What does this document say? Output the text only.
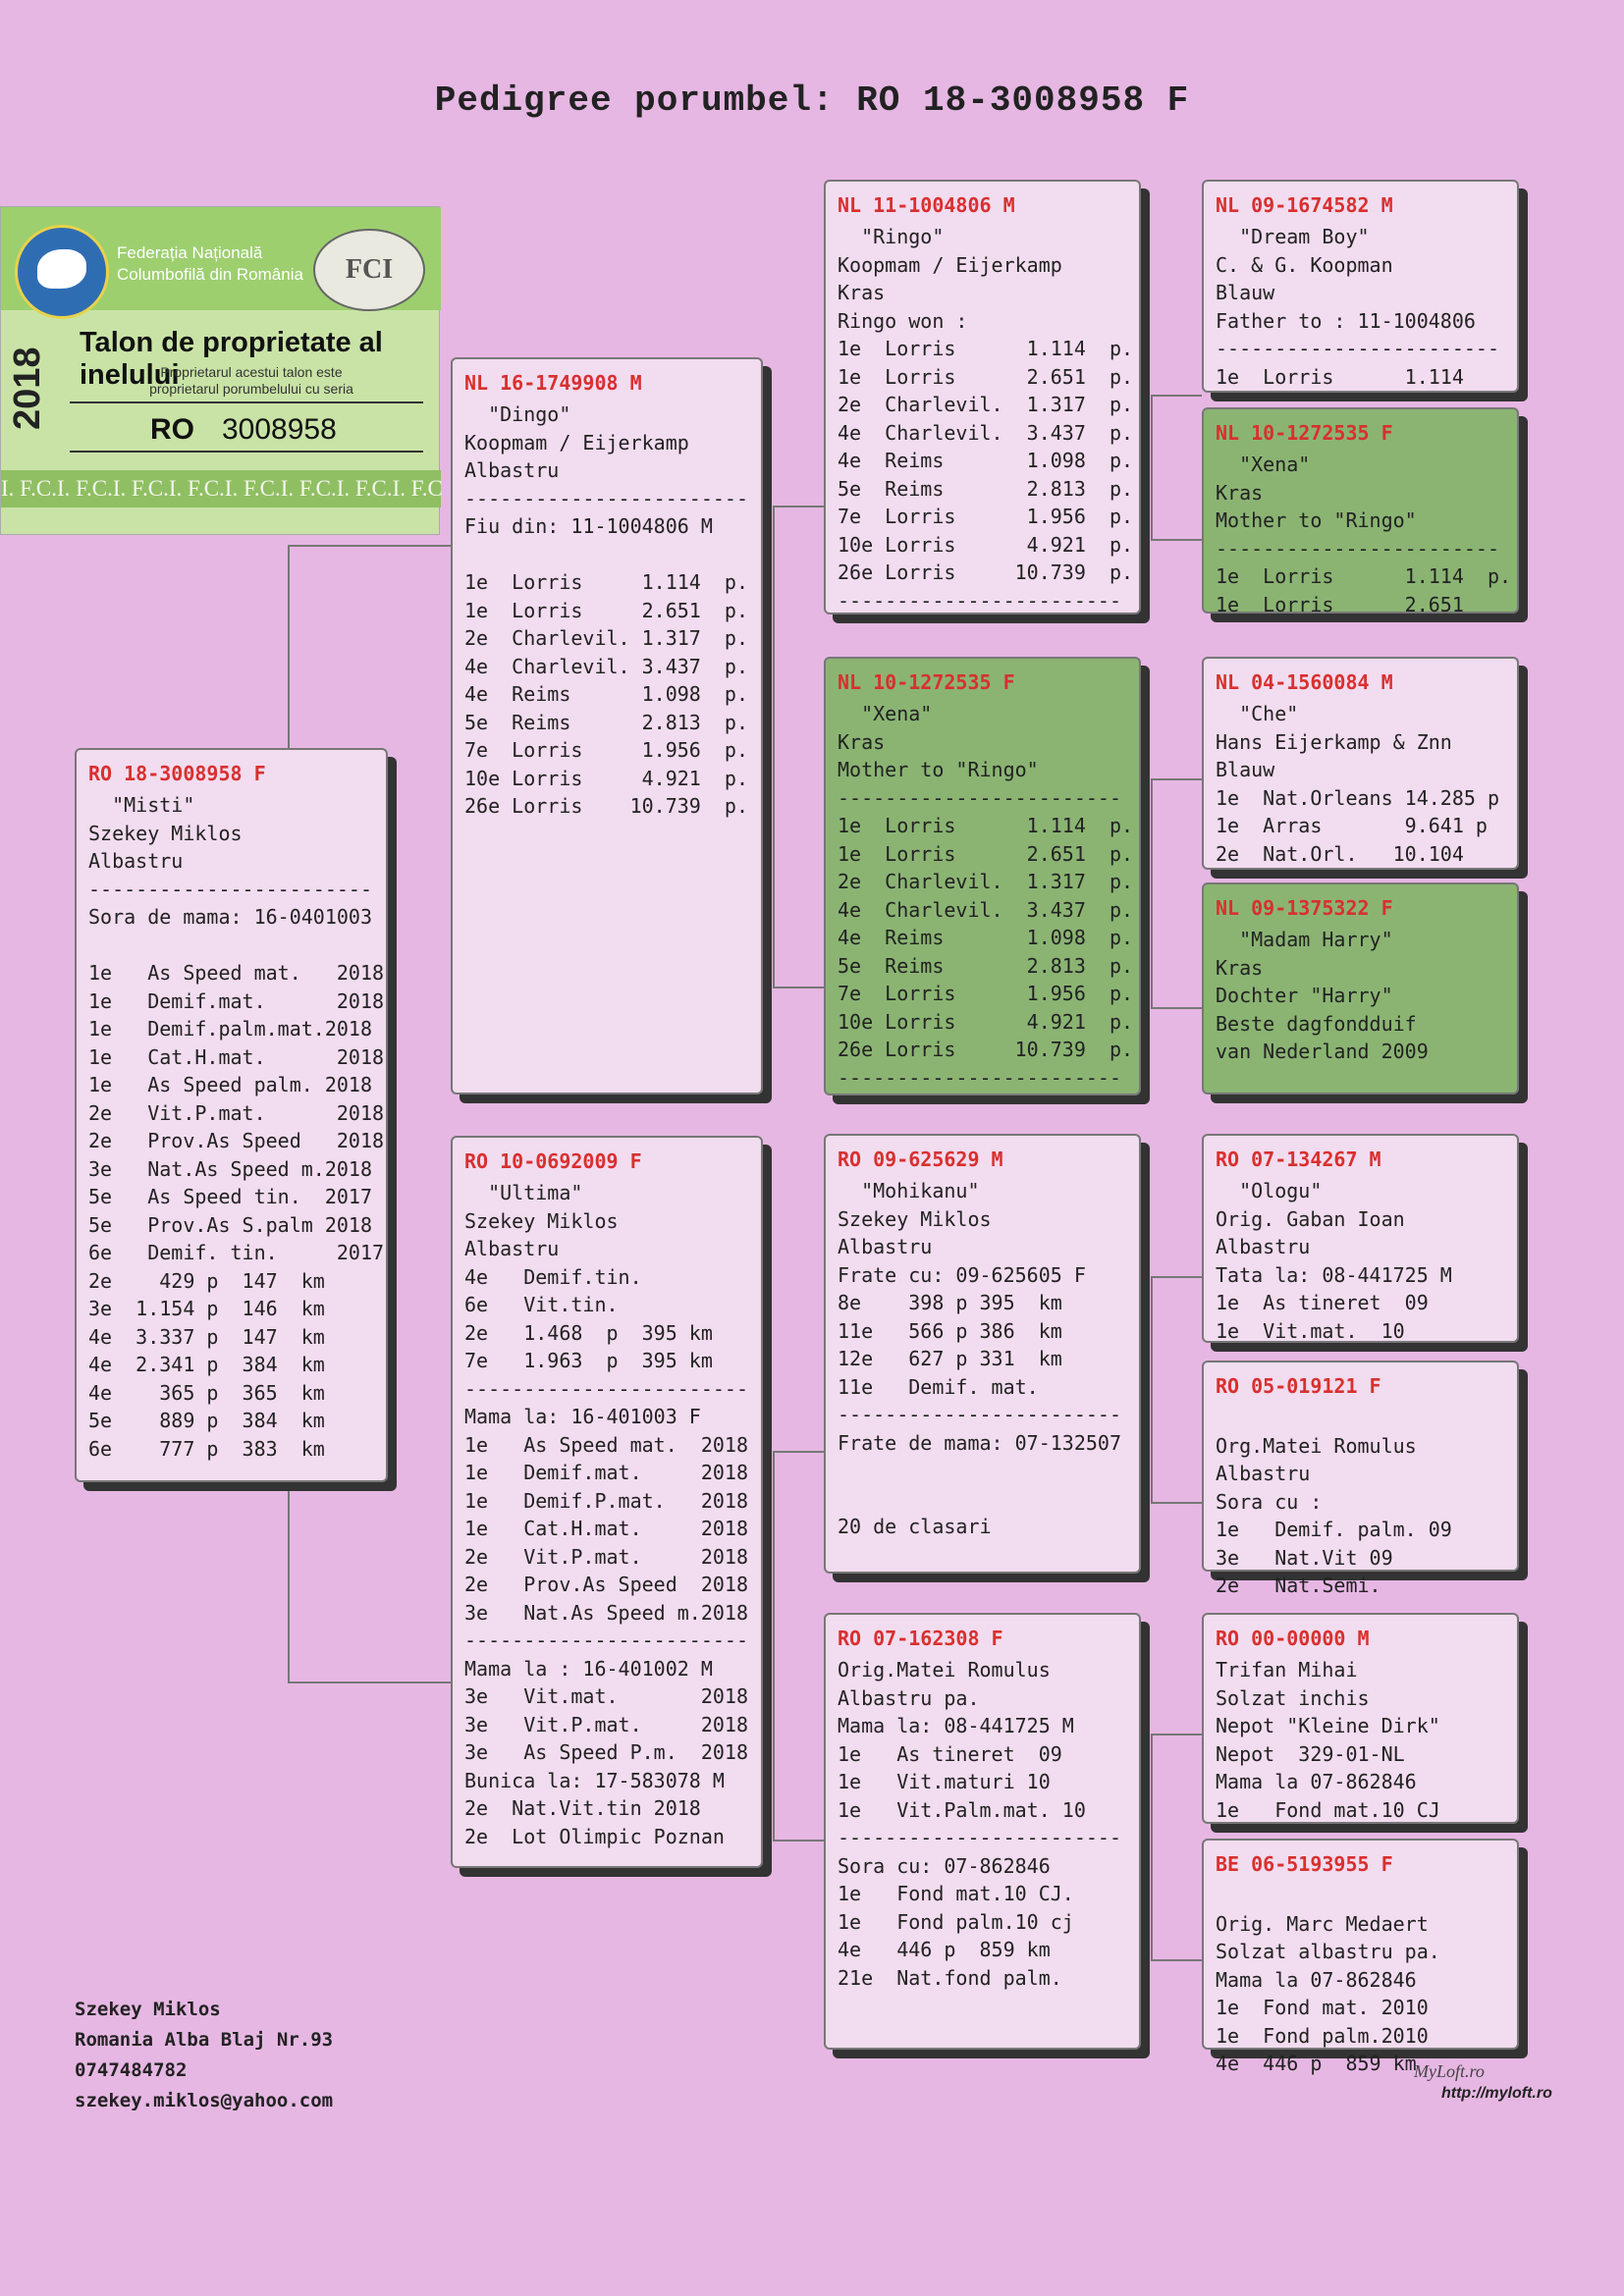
Pedigree porumbel: RO 18-3008958 F
Federația Națională
Columbofilă din România	FCI
2018
Talon de proprietate al inelului
Proprietarul acestui talon este
proprietarul porumbelului cu seria
RO 3008958
I. F.C.I. F.C.I. F.C.I. F.C.I. F.C.I. F.C.I. F.C.I. F.C
RO 18-3008958 F
"Misti"
Szekey Miklos
Albastru
------------------------
Sora de mama: 16-0401003

1e   As Speed mat.   2018
1e   Demif.mat.      2018
1e   Demif.palm.mat.2018
1e   Cat.H.mat.      2018
1e   As Speed palm. 2018
2e   Vit.P.mat.      2018
2e   Prov.As Speed   2018
3e   Nat.As Speed m.2018
5e   As Speed tin.  2017
5e   Prov.As S.palm 2018
6e   Demif. tin.     2017
2e    429 p  147  km
3e  1.154 p  146  km
4e  3.337 p  147  km
4e  2.341 p  384  km
4e    365 p  365  km
5e    889 p  384  km
6e    777 p  383  km
NL 16-1749908 M
"Dingo"
Koopmam / Eijerkamp
Albastru
------------------------
Fiu din: 11-1004806 M

1e  Lorris     1.114  p.
1e  Lorris     2.651  p.
2e  Charlevil. 1.317  p.
4e  Charlevil. 3.437  p.
4e  Reims      1.098  p.
5e  Reims      2.813  p.
7e  Lorris     1.956  p.
10e Lorris     4.921  p.
26e Lorris    10.739  p.
RO 10-0692009 F
"Ultima"
Szekey Miklos
Albastru
4e   Demif.tin.
6e   Vit.tin.
2e   1.468  p  395 km
7e   1.963  p  395 km
------------------------
Mama la: 16-401003 F
1e   As Speed mat.  2018
1e   Demif.mat.     2018
1e   Demif.P.mat.   2018
1e   Cat.H.mat.     2018
2e   Vit.P.mat.     2018
2e   Prov.As Speed  2018
3e   Nat.As Speed m.2018
------------------------
Mama la : 16-401002 M
3e   Vit.mat.       2018
3e   Vit.P.mat.     2018
3e   As Speed P.m.  2018
Bunica la: 17-583078 M
2e  Nat.Vit.tin 2018
2e  Lot Olimpic Poznan
NL 11-1004806 M
"Ringo"
Koopmam / Eijerkamp
Kras
Ringo won :
1e  Lorris      1.114  p.
1e  Lorris      2.651  p.
2e  Charlevil.  1.317  p.
4e  Charlevil.  3.437  p.
4e  Reims       1.098  p.
5e  Reims       2.813  p.
7e  Lorris      1.956  p.
10e Lorris      4.921  p.
26e Lorris     10.739  p.
------------------------
NL 10-1272535 F
"Xena"
Kras
Mother to "Ringo"
------------------------
1e  Lorris      1.114  p.
1e  Lorris      2.651  p.
2e  Charlevil.  1.317  p.
4e  Charlevil.  3.437  p.
4e  Reims       1.098  p.
5e  Reims       2.813  p.
7e  Lorris      1.956  p.
10e Lorris      4.921  p.
26e Lorris     10.739  p.
------------------------
RO 09-625629 M
"Mohikanu"
Szekey Miklos
Albastru
Frate cu: 09-625605 F
8e    398 p 395  km
11e   566 p 386  km
12e   627 p 331  km
11e   Demif. mat.
------------------------
Frate de mama: 07-132507

20 de clasari
RO 07-162308 F
Orig.Matei Romulus
Albastru pa.
Mama la: 08-441725 M
1e   As tineret  09
1e   Vit.maturi 10
1e   Vit.Palm.mat. 10
------------------------
Sora cu: 07-862846
1e   Fond mat.10 CJ.
1e   Fond palm.10 cj
4e   446 p  859 km
21e  Nat.fond palm.
NL 09-1674582 M
"Dream Boy"
C. & G. Koopman
Blauw
Father to : 11-1004806
------------------------
1e  Lorris      1.114
NL 10-1272535 F
"Xena"
Kras
Mother to "Ringo"
------------------------
1e  Lorris      1.114  p.
1e  Lorris      2.651
NL 04-1560084 M
"Che"
Hans Eijerkamp & Znn
Blauw
1e  Nat.Orleans 14.285 p
1e  Arras       9.641 p
2e  Nat.Orl.   10.104
NL 09-1375322 F
"Madam Harry"
Kras
Dochter "Harry"
Beste dagfondduif
van Nederland 2009
RO 07-134267 M
"Ologu"
Orig. Gaban Ioan
Albastru
Tata la: 08-441725 M
1e  As tineret  09
1e  Vit.mat.  10
RO 05-019121 F

Org.Matei Romulus
Albastru
Sora cu :
1e   Demif. palm. 09
3e   Nat.Vit 09
2e   Nat.Semi.
RO 00-00000 M
Trifan Mihai
Solzat inchis
Nepot "Kleine Dirk"
Nepot  329-01-NL
Mama la 07-862846
1e   Fond mat.10 CJ
BE 06-5193955 F

Orig. Marc Medaert
Solzat albastru pa.
Mama la 07-862846
1e  Fond mat. 2010
1e  Fond palm.2010
4e  446 p  859 km
Szekey Miklos
Romania Alba Blaj Nr.93
0747484782
szekey.miklos@yahoo.com
MyLoft.ro
http://myloft.ro
